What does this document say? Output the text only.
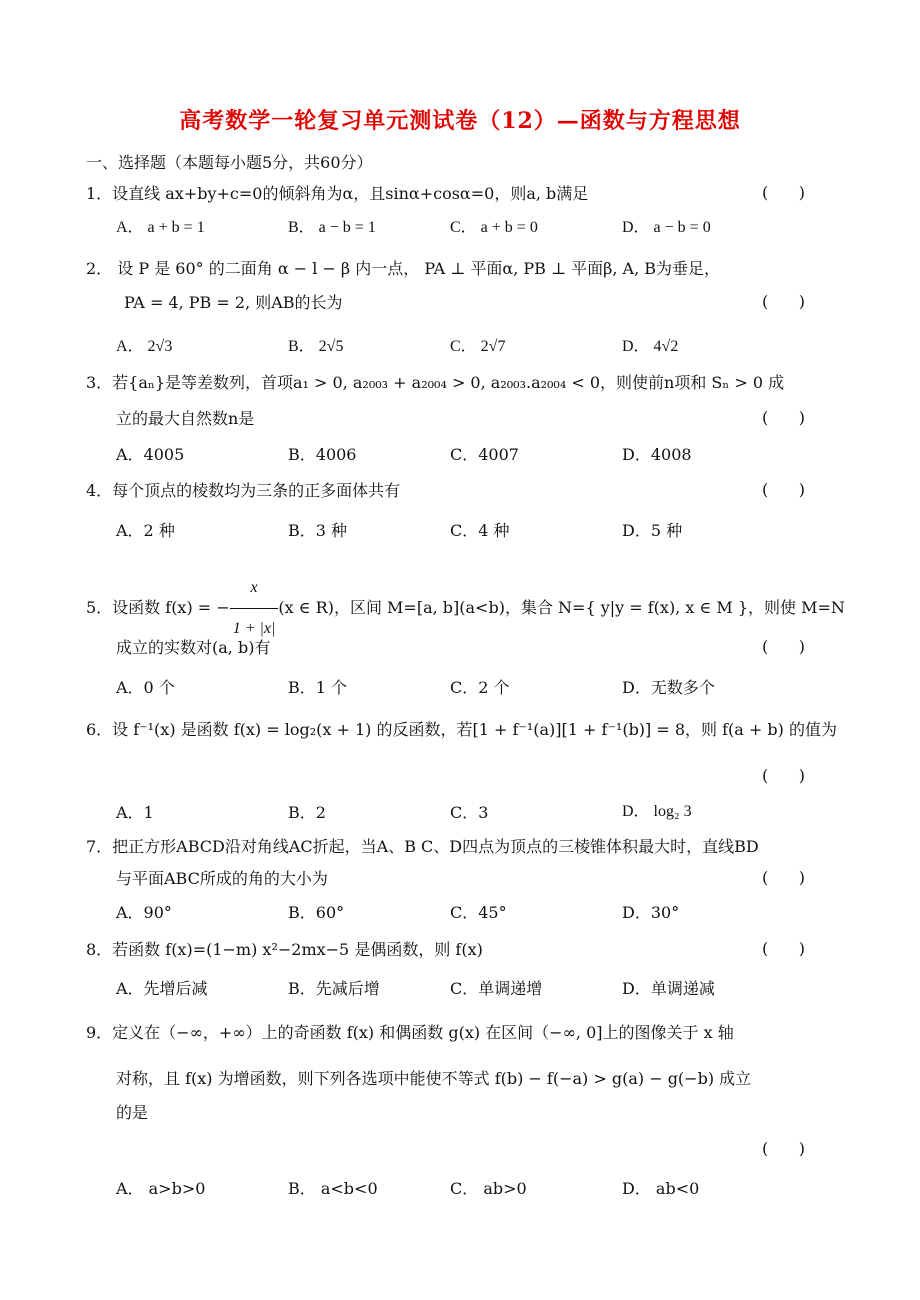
高考数学一轮复习单元测试卷（12）—函数与方程思想
一、选择题（本题每小题5分，共60分）
1．设直线 ax+by+c=0的倾斜角为α，且sinα+cosα=0，则a, b满足	(      )
A． a + b = 1	B． a − b = 1	C． a + b = 0	D． a − b = 0
2． 设 P 是 60° 的二面角 α − l − β 内一点， PA ⊥ 平面α, PB ⊥ 平面β, A, B为垂足，
PA = 4, PB = 2, 则AB的长为	(      )
A． 2√3	B． 2√5	C． 2√7	D． 4√2
3．若{aₙ}是等差数列，首项a₁ > 0, a₂₀₀₃ + a₂₀₀₄ > 0, a₂₀₀₃.a₂₀₀₄ < 0，则使前n项和 Sₙ > 0 成
立的最大自然数n是	(      )
A．4005	B．4006	C．4007	D．4008
4．每个顶点的棱数均为三条的正多面体共有	(      )
A．2 种	B．3 种	C．4 种	D．5 种
5．设函数 f(x) = − $\frac{x}{1 + |x|} (x$ ∈ R)，区间 M=[a, b](a<b)，集合 N={ y|y = f(x), x ∈ M }，则使 M=N
成立的实数对(a, b)有	(      )
A．0 个	B．1 个	C．2 个	D．无数多个
6．设 f⁻¹(x) 是函数 f(x) = log₂(x + 1) 的反函数，若[1 + f⁻¹(a)][1 + f⁻¹(b)] = 8，则 f(a + b) 的值为
(      )
A．1	B．2	C．3	D． log₂ 3
7．把正方形ABCD沿对角线AC折起，当A、B C、D四点为顶点的三棱锥体积最大时，直线BD
与平面ABC所成的角的大小为	(      )
A．90°	B．60°	C．45°	D．30°
8．若函数 f(x)=(1−m) x²−2mx−5 是偶函数，则 f(x)	(      )
A．先增后减	B．先减后增	C．单调递增	D．单调递减
9．定义在（−∞，+∞）上的奇函数 f(x) 和偶函数 g(x) 在区间（−∞, 0]上的图像关于 x 轴
对称，且 f(x) 为增函数，则下列各选项中能使不等式 f(b) − f(−a) > g(a) − g(−b) 成立
的是
(      )
A． a>b>0	B． a<b<0	C． ab>0	D． ab<0
